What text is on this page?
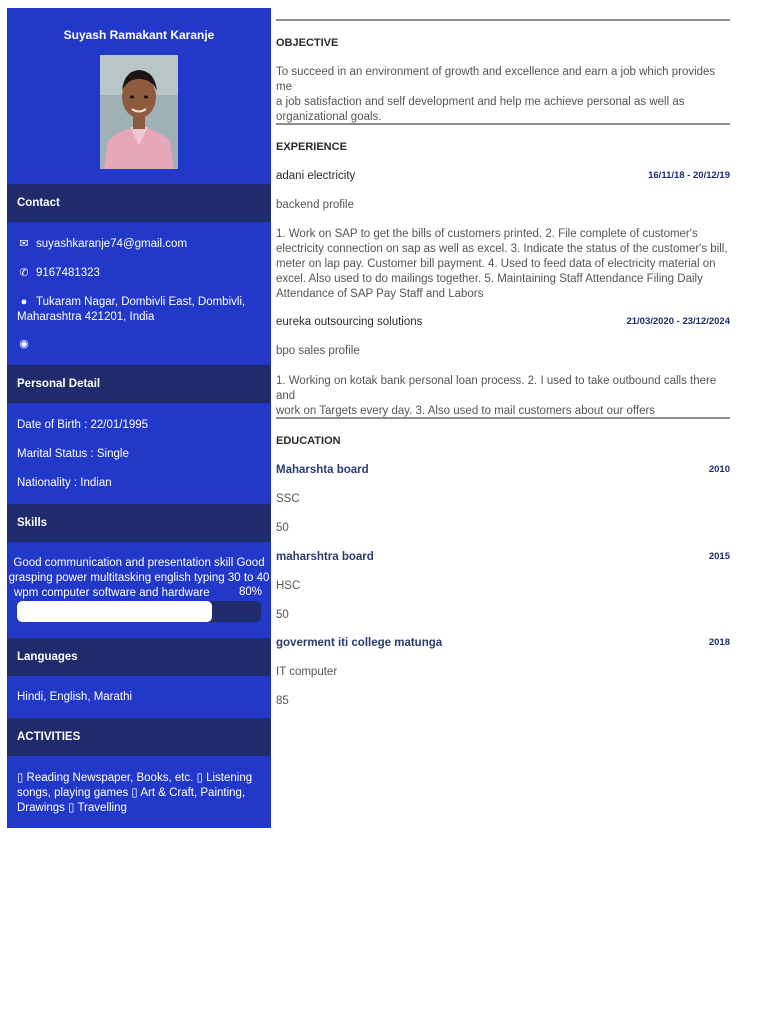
Suyash Ramakant Karanje
Contact
✉ suyashkaranje74@gmail.com
✆ 9167481323
● Tukaram Nagar, Dombivli East, Dombivli,
Maharashtra 421201, India
◉
Personal Detail
Date of Birth : 22/01/1995
Marital Status : Single
Nationality : Indian
Skills
Good communication and presentation skill Good
grasping power multitasking english typing 30 to 40
wpm computer software and hardware	80%
Languages
Hindi, English, Marathi
ACTIVITIES
▯ Reading Newspaper, Books, etc. ▯ Listening
songs, playing games ▯ Art & Craft, Painting,
Drawings ▯ Travelling
OBJECTIVE
To succeed in an environment of growth and excellence and earn a job which provides me
a job satisfaction and self development and help me achieve personal as well as
organizational goals.
EXPERIENCE
adani electricity	16/11/18 - 20/12/19
backend profile
1. Work on SAP to get the bills of customers printed. 2. File complete of customer's
electricity connection on sap as well as excel. 3. Indicate the status of the customer's bill,
meter on lap pay. Customer bill payment. 4. Used to feed data of electricity material on
excel. Also used to do mailings together. 5. Maintaining Staff Attendance Filing Daily
Attendance of SAP Pay Staff and Labors
eureka outsourcing solutions	21/03/2020 - 23/12/2024
bpo sales profile
1. Working on kotak bank personal loan process. 2. I used to take outbound calls there and
work on Targets every day. 3. Also used to mail customers about our offers
EDUCATION
Maharshta board	2010
SSC
50
maharshtra board	2015
HSC
50
goverment iti college matunga	2018
IT computer
85
